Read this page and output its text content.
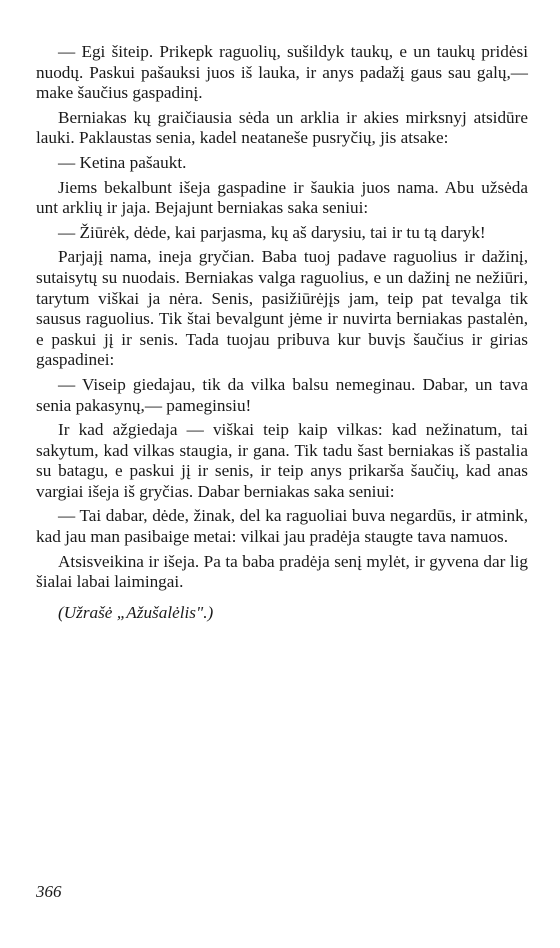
— Egi šiteip. Prikepk raguolių, sušildyk taukų, e un taukų pridėsi nuodų. Paskui pašauksi juos iš lauka, ir anys padažį gaus sau galų,— make šaučius gaspadinį.

Berniakas kų graičiausia sėda un arklia ir akies mirksnyj atsidūre lauki. Paklaustas senia, kadel neataneše pusryčių, jis atsake:

— Ketina pašaukt.

Jiems bekalbunt išeja gaspadine ir šaukia juos nama. Abu užsėda unt arklių ir jaja. Bejajunt berniakas saka seniui:

— Žiūrėk, dėde, kai parjasma, kų aš darysiu, tai ir tu tą daryk!

Parjajį nama, ineja gryčian. Baba tuoj padave raguolius ir dažinį, sutaisytų su nuodais. Berniakas valga raguolius, e un dažinį ne nežiūri, tarytum viškai ja nėra. Senis, pasižiūrėjįs jam, teip pat tevalga tik sausus raguolius. Tik štai bevalgunt jėme ir nuvirta berniakas pastalėn, e paskui jį ir senis. Tada tuojau pribuva kur buvįs šaučius ir girias gaspadinei:

— Viseip giedajau, tik da vilka balsu nemeginau. Dabar, un tava senia pakasynų,— pameginsiu!

Ir kad ažgiedaja — viškai teip kaip vilkas: kad nežinatum, tai sakytum, kad vilkas staugia, ir gana. Tik tadu šast berniakas iš pastalia su batagu, e paskui jį ir senis, ir teip anys prikarša šaučių, kad anas vargiai išeja iš gryčias. Dabar berniakas saka seniui:

— Tai dabar, dėde, žinak, del ka raguoliai buva negardūs, ir atmink, kad jau man pasibaige metai: vilkai jau pradėja staugte tava namuos.

Atsisveikina ir išeja. Pa ta baba pradėja senį mylėt, ir gyvena dar lig šialai labai laimingai.

(Užrašė „Ažušalėlis".)

366
